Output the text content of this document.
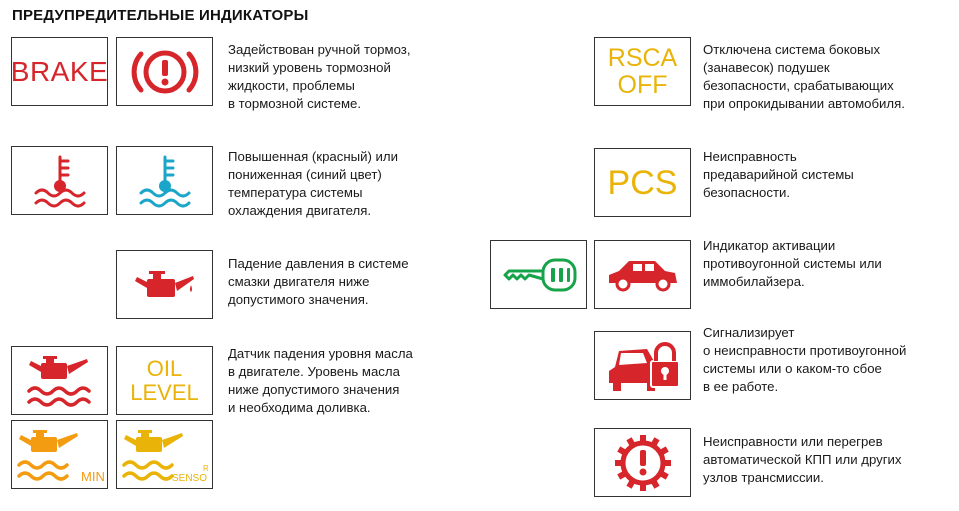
ПРЕДУПРЕДИТЕЛЬНЫЕ ИНДИКАТОРЫ
BRAKE
Задействован ручной тормоз,
низкий уровень тормозной
жидкости, проблемы
в тормозной системе.
Повышенная (красный) или
пониженная (синий цвет)
температура системы
охлаждения двигателя.
Падение давления в системе
смазки двигателя ниже
допустимого значения.
OIL
LEVEL
MIN	SENSO
R
Датчик падения уровня масла
в двигателе. Уровень масла
ниже допустимого значения
и необходима доливка.
RSCA
OFF
Отключена система боковых
(занавесок) подушек
безопасности, срабатывающих
при опрокидывании автомобиля.
PCS
Неисправность
предаварийной системы
безопасности.
Индикатор активации
противоугонной системы или
иммобилайзера.
Сигнализирует
о неисправности противоугонной
системы или о каком-то сбое
в ее работе.
Неисправности или перегрев
автоматической КПП или других
узлов трансмиссии.
